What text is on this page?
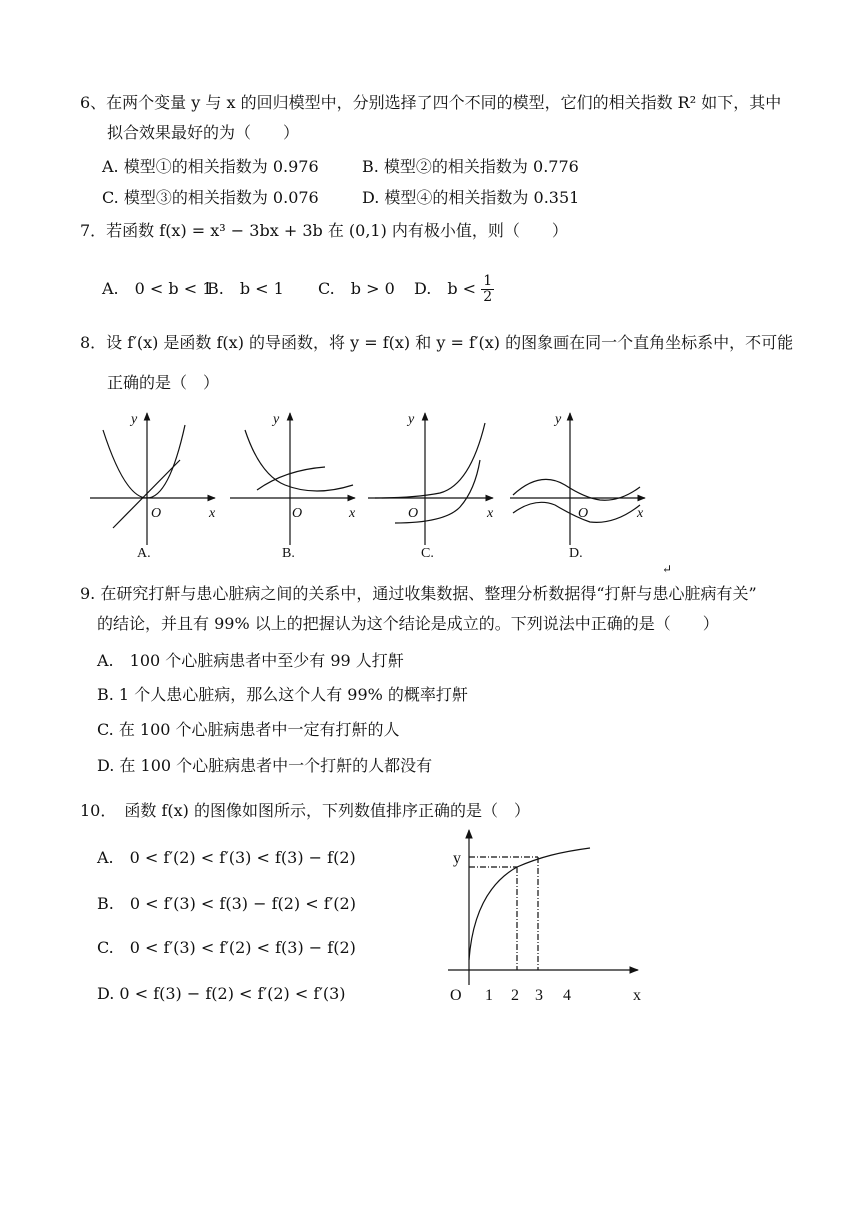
6、在两个变量 y 与 x 的回归模型中，分别选择了四个不同的模型，它们的相关指数 R² 如下，其中
拟合效果最好的为（　　）
A. 模型①的相关指数为 0.976	B. 模型②的相关指数为 0.776
C. 模型③的相关指数为 0.076	D. 模型④的相关指数为 0.351
7．若函数 f(x) = x³ − 3bx + 3b 在 (0,1) 内有极小值，则（　　）
A.　0 < b < 1
B.　b < 1 C.　b > 0 D.　$b < \frac{1}{2}$
8．设 f′(x) 是函数 f(x) 的导函数，将 y = f(x) 和 y = f′(x) 的图象画在同一个直角坐标系中，不可能
正确的是（　）
y
x
O
y
x
O
y
x
O
y
x
O
A.	B.	C.	D.
↵
9. 在研究打鼾与患心脏病之间的关系中，通过收集数据、整理分析数据得“打鼾与患心脏病有关”
的结论，并且有 99% 以上的把握认为这个结论是成立的。下列说法中正确的是（　　）
A.　100 个心脏病患者中至少有 99 人打鼾
B. 1 个人患心脏病，那么这个人有 99% 的概率打鼾
C. 在 100 个心脏病患者中一定有打鼾的人
D. 在 100 个心脏病患者中一个打鼾的人都没有
10．　函数 f(x) 的图像如图所示，下列数值排序正确的是（　）
A.　0 < f′(2) < f′(3) < f(3) − f(2)
B.　0 < f′(3) < f(3) − f(2) < f′(2)
C.　0 < f′(3) < f′(2) < f(3) − f(2)
D. 0 < f(3) − f(2) < f′(2) < f′(3)
y
O 1 2 3 4	x
